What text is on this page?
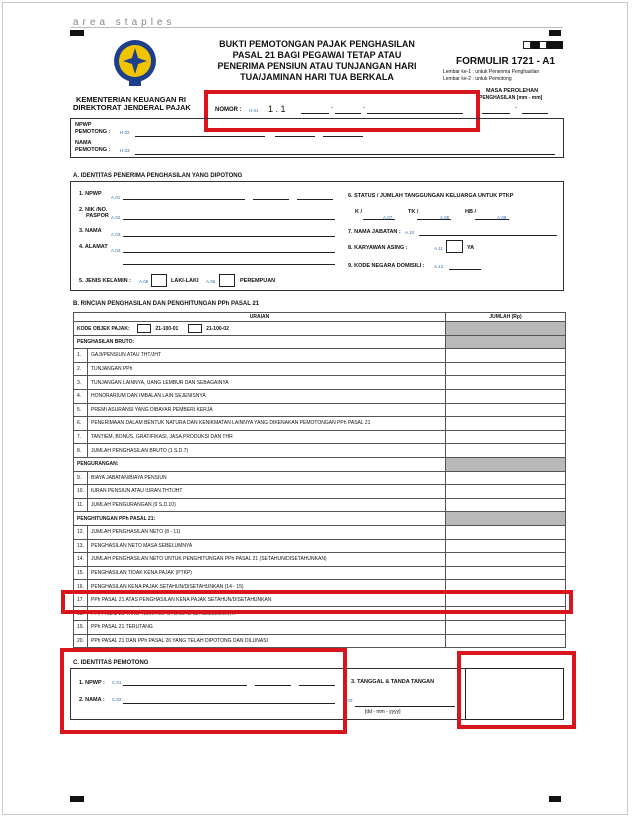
area staples
BUKTI PEMOTONGAN PAJAK PENGHASILAN
PASAL 21 BAGI PEGAWAI TETAP ATAU
PENERIMA PENSIUN ATAU TUNJANGAN HARI
TUA/JAMINAN HARI TUA BERKALA
FORMULIR 1721 - A1
Lembar ke-1 : untuk Penerima Penghasilan
Lembar ke-2 : untuk Pemotong
KEMENTERIAN KEUANGAN RI
DIREKTORAT JENDERAL PAJAK	NOMOR : H.01 1 . 1	-	-
MASA PEROLEHAN
PENGHASILAN [mm - mm]
-
NPWP
PEMOTONG : H.02
NAMA
PEMOTONG : H.03
A. IDENTITAS PENERIMA PENGHASILAN YANG DIPOTONG
1. NPWP
A.01
2. NIK /NO.
PASPOR A.02
3. NAMA
A.03
4. ALAMAT
A.04
5. JENIS KELAMIN : A.05	LAKI-LAKI A.06	PEREMPUAN
6. STATUS / JUMLAH TANGGUNGAN KELUARGA UNTUK PTKP
K /
A.07
TK /
A.08
HB /
A.09
7. NAMA JABATAN : A.10
8. KARYAWAN ASING :	A.11	YA
9. KODE NEGARA DOMISILI : A.12
B. RINCIAN PENGHASILAN DAN PENGHITUNGAN PPh PASAL 21
URAIAN		JUMLAH (Rp)
KODE OBJEK PAJAK: 21-100-01 21-100-02		
PENGHASILAN BRUTO:		
1.	GAJI/PENSIUN ATAU THT/JHT	
2.	TUNJANGAN PPh	
3.	TUNJANGAN LAINNYA, UANG LEMBUR DAN SEBAGAINYA	
4.	HONORARIUM DAN IMBALAN LAIN SEJENISNYA	
5.	PREMI ASURANSI YANG DIBAYAR PEMBERI KERJA	
6.	PENERIMAAN DALAM BENTUK NATURA DAN KENIKMATAN LAINNYA YANG DIKENAKAN PEMOTONGAN PPh PASAL 21	
7.	TANTIEM, BONUS, GRATIFIKASI, JASA PRODUKSI DAN THR	
8.	JUMLAH PENGHASILAN BRUTO (1 S.D.7)	
PENGURANGAN:		
9.	BIAYA JABATAN/BIAYA PENSIUN	
10.	IURAN PENSIUN ATAU IURAN THT/JHT	
11.	JUMLAH PENGURANGAN (9 S.D.10)	
PENGHITUNGAN PPh PASAL 21:		
12.	JUMLAH PENGHASILAN NETO (8 - 11)	
13.	PENGHASILAN NETO MASA SEBELUMNYA	
14.	JUMLAH PENGHASILAN NETO UNTUK PENGHITUNGAN PPh PASAL 21 (SETAHUN/DISETAHUNKAN)	
15.	PENGHASILAN TIDAK KENA PAJAK (PTKP)	
16.	PENGHASILAN KENA PAJAK SETAHUN/DISETAHUNKAN (14 - 15)	
17.	PPh PASAL 21 ATAS PENGHASILAN KENA PAJAK SETAHUN/DISETAHUNKAN	
18.	PPh PASAL 21 YANG TELAH DIPOTONG MASA SEBELUMNYA	
19.	PPh PASAL 21 TERUTANG	
20.	PPh PASAL 21 DAN PPh PASAL 26 YANG TELAH DIPOTONG DAN DILUNASI	
C. IDENTITAS PEMOTONG
1. NPWP : C.01
2. NAMA : C.02
3. TANGGAL & TANDA TANGAN
C.03
[dd - mm - yyyy]
